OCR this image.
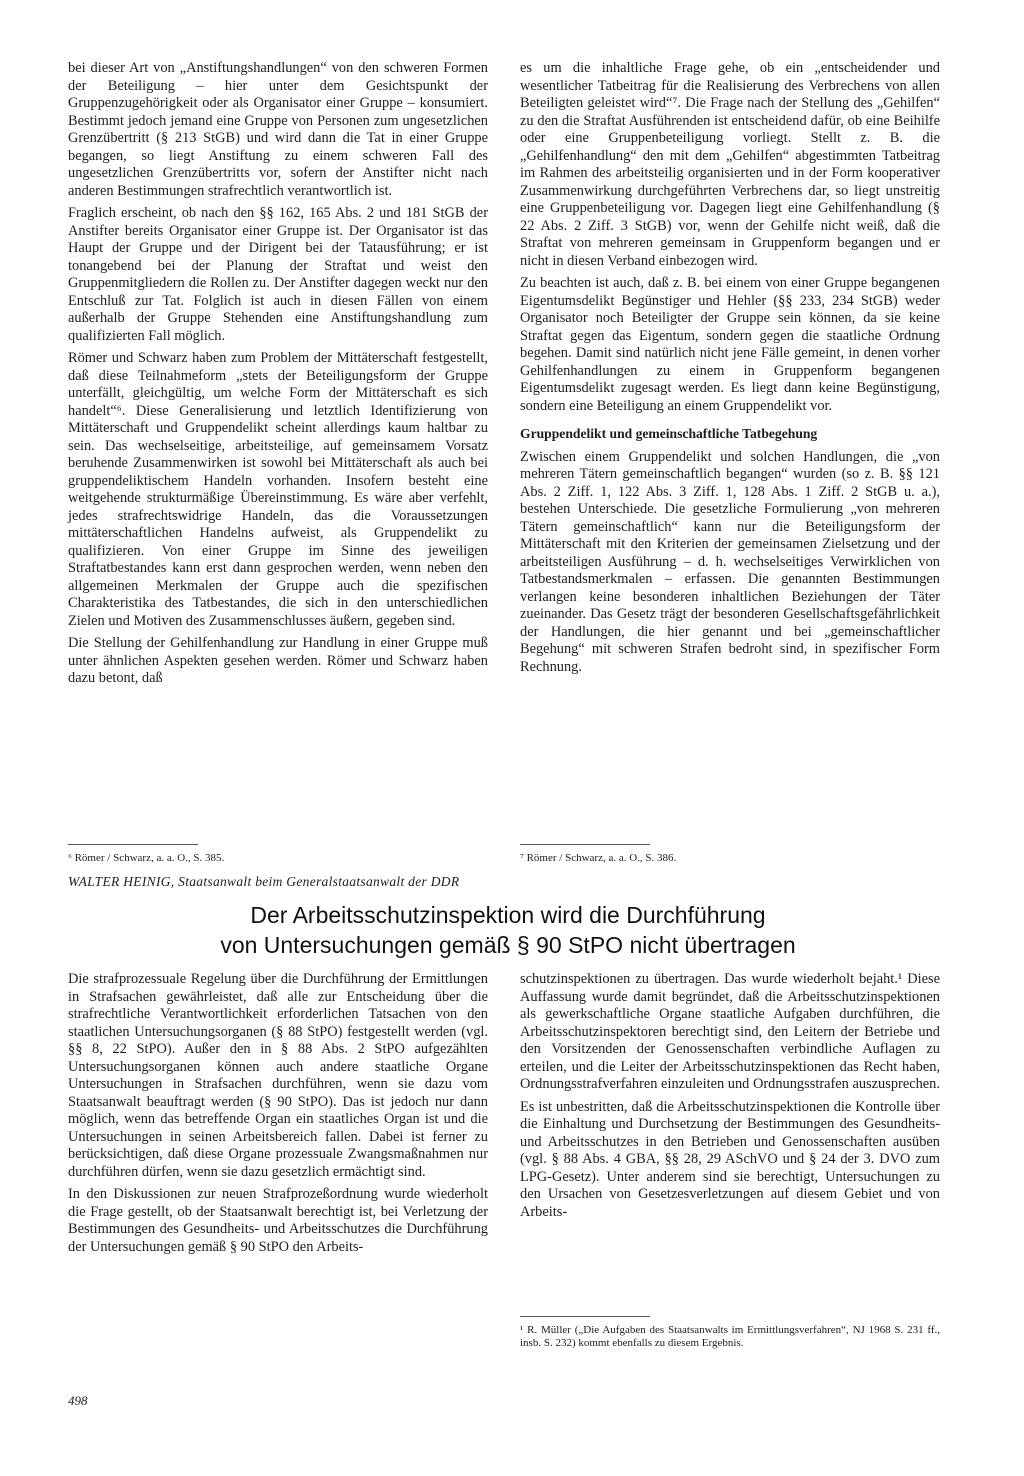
bei dieser Art von „Anstiftungshandlungen“ von den schweren Formen der Beteiligung – hier unter dem Gesichtspunkt der Gruppenzugehörigkeit oder als Organisator einer Gruppe – konsumiert. Bestimmt jedoch jemand eine Gruppe von Personen zum ungesetzlichen Grenzübertritt (§ 213 StGB) und wird dann die Tat in einer Gruppe begangen, so liegt Anstiftung zu einem schweren Fall des ungesetzlichen Grenzübertritts vor, sofern der Anstifter nicht nach anderen Bestimmungen strafrechtlich verantwortlich ist.

Fraglich erscheint, ob nach den §§ 162, 165 Abs. 2 und 181 StGB der Anstifter bereits Organisator einer Gruppe ist. Der Organisator ist das Haupt der Gruppe und der Dirigent bei der Tatausführung; er ist tonangebend bei der Planung der Straftat und weist den Gruppenmitgliedern die Rollen zu. Der Anstifter dagegen weckt nur den Entschluß zur Tat. Folglich ist auch in diesen Fällen von einem außerhalb der Gruppe Stehenden eine Anstiftungshandlung zum qualifizierten Fall möglich.

Römer und Schwarz haben zum Problem der Mittäterschaft festgestellt, daß diese Teilnahmeform „stets der Beteiligungsform der Gruppe unterfällt, gleichgültig, um welche Form der Mittäterschaft es sich handelt“⁶. Diese Generalisierung und letztlich Identifizierung von Mittäterschaft und Gruppendelikt scheint allerdings kaum haltbar zu sein. Das wechselseitige, arbeitsteilige, auf gemeinsamem Vorsatz beruhende Zusammenwirken ist sowohl bei Mittäterschaft als auch bei gruppendeliktischem Handeln vorhanden. Insofern besteht eine weitgehende strukturmäßige Übereinstimmung. Es wäre aber verfehlt, jedes strafrechtswidrige Handeln, das die Voraussetzungen mittäterschaftlichen Handelns aufweist, als Gruppendelikt zu qualifizieren. Von einer Gruppe im Sinne des jeweiligen Straftatbestandes kann erst dann gesprochen werden, wenn neben den allgemeinen Merkmalen der Gruppe auch die spezifischen Charakteristika des Tatbestandes, die sich in den unterschiedlichen Zielen und Motiven des Zusammenschlusses äußern, gegeben sind.

Die Stellung der Gehilfenhandlung zur Handlung in einer Gruppe muß unter ähnlichen Aspekten gesehen werden. Römer und Schwarz haben dazu betont, daß

es um die inhaltliche Frage gehe, ob ein „entscheidender und wesentlicher Tatbeitrag für die Realisierung des Verbrechens von allen Beteiligten geleistet wird“⁷. Die Frage nach der Stellung des „Gehilfen“ zu den die Straftat Ausführenden ist entscheidend dafür, ob eine Beihilfe oder eine Gruppenbeteiligung vorliegt. Stellt z. B. die „Gehilfenhandlung“ den mit dem „Gehilfen“ abgestimmten Tatbeitrag im Rahmen des arbeitsteilig organisierten und in der Form kooperativer Zusammenwirkung durchgeführten Verbrechens dar, so liegt unstreitig eine Gruppenbeteiligung vor. Dagegen liegt eine Gehilfenhandlung (§ 22 Abs. 2 Ziff. 3 StGB) vor, wenn der Gehilfe nicht weiß, daß die Straftat von mehreren gemeinsam in Gruppenform begangen und er nicht in diesen Verband einbezogen wird.

Zu beachten ist auch, daß z. B. bei einem von einer Gruppe begangenen Eigentumsdelikt Begünstiger und Hehler (§§ 233, 234 StGB) weder Organisator noch Beteiligter der Gruppe sein können, da sie keine Straftat gegen das Eigentum, sondern gegen die staatliche Ordnung begehen. Damit sind natürlich nicht jene Fälle gemeint, in denen vorher Gehilfenhandlungen zu einem in Gruppenform begangenen Eigentumsdelikt zugesagt werden. Es liegt dann keine Begünstigung, sondern eine Beteiligung an einem Gruppendelikt vor.

Gruppendelikt und gemeinschaftliche Tatbegehung

Zwischen einem Gruppendelikt und solchen Handlungen, die „von mehreren Tätern gemeinschaftlich begangen“ wurden (so z. B. §§ 121 Abs. 2 Ziff. 1, 122 Abs. 3 Ziff. 1, 128 Abs. 1 Ziff. 2 StGB u. a.), bestehen Unterschiede. Die gesetzliche Formulierung „von mehreren Tätern gemeinschaftlich“ kann nur die Beteiligungsform der Mittäterschaft mit den Kriterien der gemeinsamen Zielsetzung und der arbeitsteiligen Ausführung – d. h. wechselseitiges Verwirklichen von Tatbestandsmerkmalen – erfassen. Die genannten Bestimmungen verlangen keine besonderen inhaltlichen Beziehungen der Täter zueinander. Das Gesetz trägt der besonderen Gesellschaftsgefährlichkeit der Handlungen, die hier genannt und bei „gemeinschaftlicher Begehung“ mit schweren Strafen bedroht sind, in spezifischer Form Rechnung.

⁶ Römer / Schwarz, a. a. O., S. 385.	⁷ Römer / Schwarz, a. a. O., S. 386.
WALTER HEINIG, Staatsanwalt beim Generalstaatsanwalt der DDR
Der Arbeitsschutzinspektion wird die Durchführung
von Untersuchungen gemäß § 90 StPO nicht übertragen

Die strafprozessuale Regelung über die Durchführung der Ermittlungen in Strafsachen gewährleistet, daß alle zur Entscheidung über die strafrechtliche Verantwortlichkeit erforderlichen Tatsachen von den staatlichen Untersuchungsorganen (§ 88 StPO) festgestellt werden (vgl. §§ 8, 22 StPO). Außer den in § 88 Abs. 2 StPO aufgezählten Untersuchungsorganen können auch andere staatliche Organe Untersuchungen in Strafsachen durchführen, wenn sie dazu vom Staatsanwalt beauftragt werden (§ 90 StPO). Das ist jedoch nur dann möglich, wenn das betreffende Organ ein staatliches Organ ist und die Untersuchungen in seinen Arbeitsbereich fallen. Dabei ist ferner zu berücksichtigen, daß diese Organe prozessuale Zwangsmaßnahmen nur durchführen dürfen, wenn sie dazu gesetzlich ermächtigt sind.

In den Diskussionen zur neuen Strafprozeßordnung wurde wiederholt die Frage gestellt, ob der Staatsanwalt berechtigt ist, bei Verletzung der Bestimmungen des Gesundheits- und Arbeitsschutzes die Durchführung der Untersuchungen gemäß § 90 StPO den Arbeits-

schutzinspektionen zu übertragen. Das wurde wiederholt bejaht.¹ Diese Auffassung wurde damit begründet, daß die Arbeitsschutzinspektionen als gewerkschaftliche Organe staatliche Aufgaben durchführen, die Arbeitsschutzinspektoren berechtigt sind, den Leitern der Betriebe und den Vorsitzenden der Genossenschaften verbindliche Auflagen zu erteilen, und die Leiter der Arbeitsschutzinspektionen das Recht haben, Ordnungsstrafverfahren einzuleiten und Ordnungsstrafen auszusprechen.

Es ist unbestritten, daß die Arbeitsschutzinspektionen die Kontrolle über die Einhaltung und Durchsetzung der Bestimmungen des Gesundheits- und Arbeitsschutzes in den Betrieben und Genossenschaften ausüben (vgl. § 88 Abs. 4 GBA, §§ 28, 29 ASchVO und § 24 der 3. DVO zum LPG-Gesetz). Unter anderem sind sie berechtigt, Untersuchungen zu den Ursachen von Gesetzesverletzungen auf diesem Gebiet und von Arbeits-

¹ R. Müller („Die Aufgaben des Staatsanwalts im Ermittlungsverfahren“, NJ 1968 S. 231 ff., insb. S. 232) kommt ebenfalls zu diesem Ergebnis.
498
